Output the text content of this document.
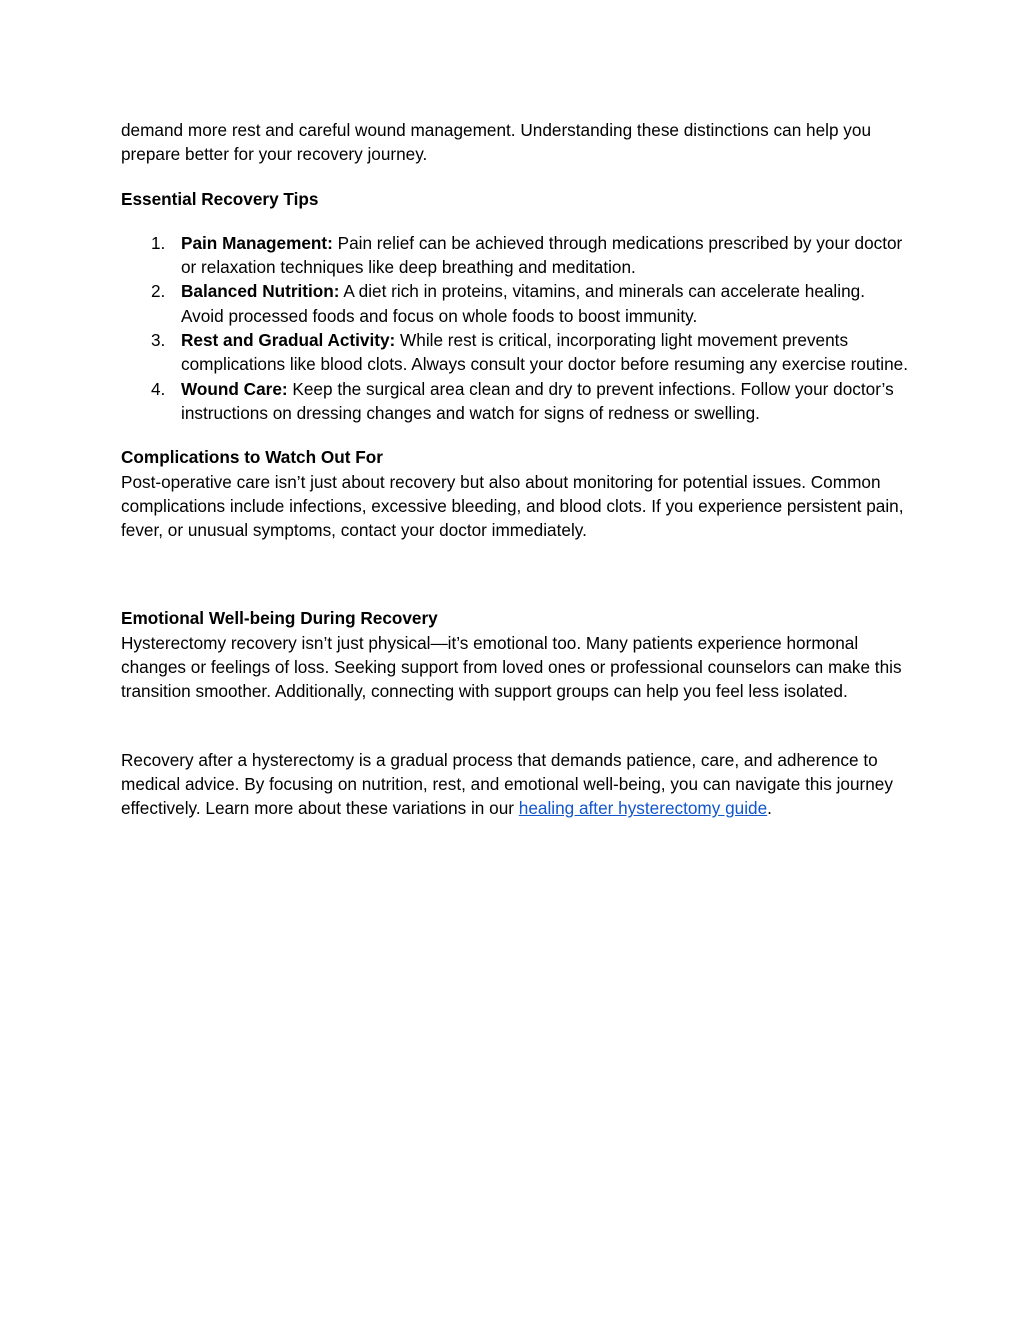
demand more rest and careful wound management. Understanding these distinctions can help you prepare better for your recovery journey.

Essential Recovery Tips

1. Pain Management: Pain relief can be achieved through medications prescribed by your doctor or relaxation techniques like deep breathing and meditation.
2. Balanced Nutrition: A diet rich in proteins, vitamins, and minerals can accelerate healing. Avoid processed foods and focus on whole foods to boost immunity.
3. Rest and Gradual Activity: While rest is critical, incorporating light movement prevents complications like blood clots. Always consult your doctor before resuming any exercise routine.
4. Wound Care: Keep the surgical area clean and dry to prevent infections. Follow your doctor’s instructions on dressing changes and watch for signs of redness or swelling.

Complications to Watch Out For

Post-operative care isn’t just about recovery but also about monitoring for potential issues. Common complications include infections, excessive bleeding, and blood clots. If you experience persistent pain, fever, or unusual symptoms, contact your doctor immediately.

Emotional Well-being During Recovery

Hysterectomy recovery isn’t just physical—it’s emotional too. Many patients experience hormonal changes or feelings of loss. Seeking support from loved ones or professional counselors can make this transition smoother. Additionally, connecting with support groups can help you feel less isolated.

Recovery after a hysterectomy is a gradual process that demands patience, care, and adherence to medical advice. By focusing on nutrition, rest, and emotional well-being, you can navigate this journey effectively. Learn more about these variations in our healing after hysterectomy guide.
